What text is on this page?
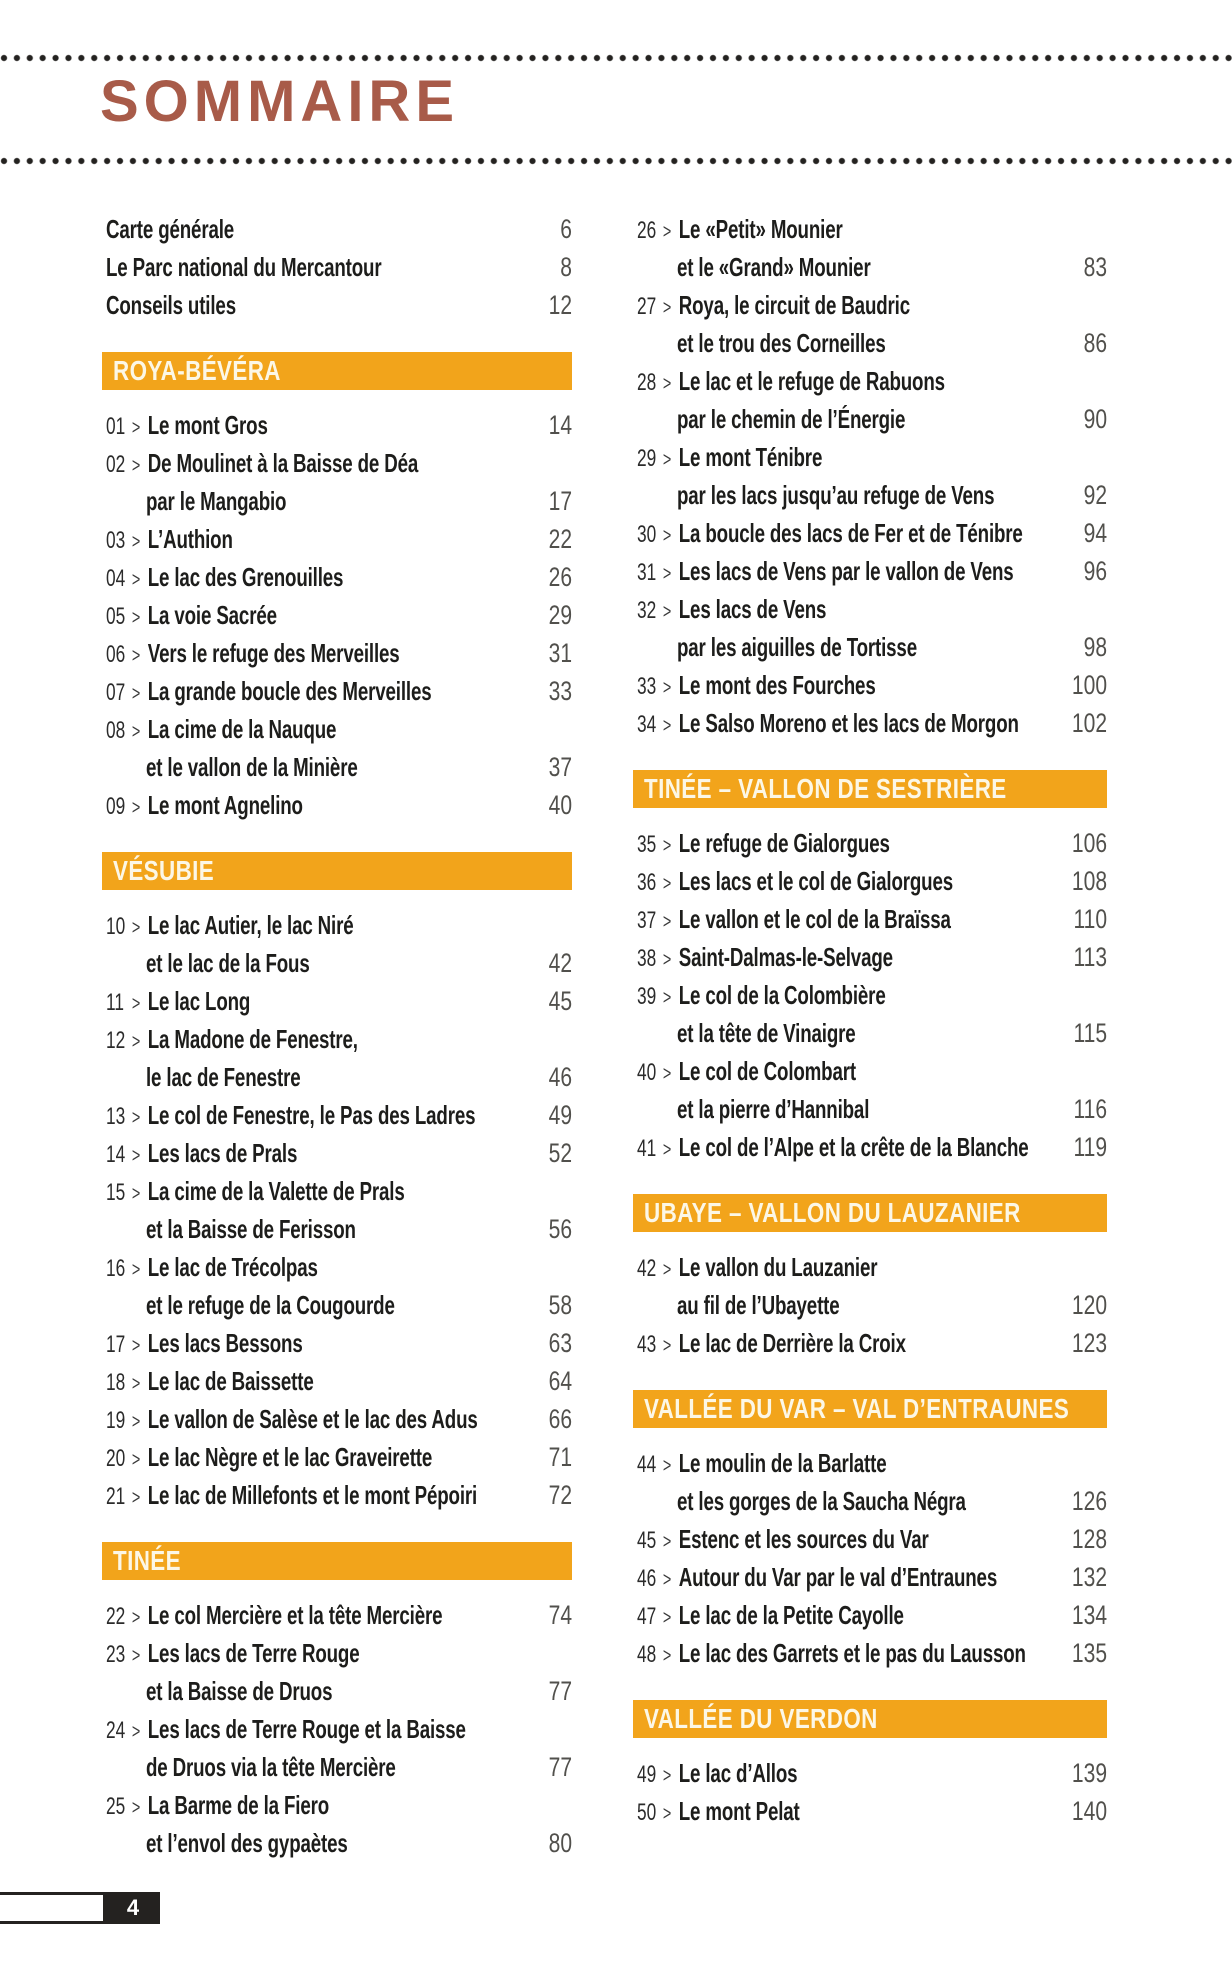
SOMMAIRE
Carte générale	6
Le Parc national du Mercantour	8
Conseils utiles	12
ROYA-BÉVÉRA
01 > Le mont Gros	14
02 > De Moulinet à la Baisse de Déa
par le Mangabio	17
03 > L’Authion	22
04 > Le lac des Grenouilles	26
05 > La voie Sacrée	29
06 > Vers le refuge des Merveilles	31
07 > La grande boucle des Merveilles	33
08 > La cime de la Nauque
et le vallon de la Minière	37
09 > Le mont Agnelino	40
VÉSUBIE
10 > Le lac Autier, le lac Niré
et le lac de la Fous	42
11 > Le lac Long	45
12 > La Madone de Fenestre,
le lac de Fenestre	46
13 > Le col de Fenestre, le Pas des Ladres	49
14 > Les lacs de Prals	52
15 > La cime de la Valette de Prals
et la Baisse de Ferisson	56
16 > Le lac de Trécolpas
et le refuge de la Cougourde	58
17 > Les lacs Bessons	63
18 > Le lac de Baissette	64
19 > Le vallon de Salèse et le lac des Adus	66
20 > Le lac Nègre et le lac Graveirette	71
21 > Le lac de Millefonts et le mont Pépoiri	72
TINÉE
22 > Le col Mercière et la tête Mercière	74
23 > Les lacs de Terre Rouge
et la Baisse de Druos	77
24 > Les lacs de Terre Rouge et la Baisse
de Druos via la tête Mercière	77
25 > La Barme de la Fiero
et l’envol des gypaètes	80
26 > Le «Petit» Mounier
et le «Grand» Mounier	83
27 > Roya, le circuit de Baudric
et le trou des Corneilles	86
28 > Le lac et le refuge de Rabuons
par le chemin de l’Énergie	90
29 > Le mont Ténibre
par les lacs jusqu’au refuge de Vens	92
30 > La boucle des lacs de Fer et de Ténibre 94
31 > Les lacs de Vens par le vallon de Vens	96
32 > Les lacs de Vens
par les aiguilles de Tortisse	98
33 > Le mont des Fourches	100
34 > Le Salso Moreno et les lacs de Morgon 102
TINÉE – VALLON DE SESTRIÈRE
35 > Le refuge de Gialorgues	106
36 > Les lacs et le col de Gialorgues	108
37 > Le vallon et le col de la Braïssa	110
38 > Saint-Dalmas-le-Selvage	113
39 > Le col de la Colombière
et la tête de Vinaigre	115
40 > Le col de Colombart
et la pierre d’Hannibal	116
41 > Le col de l’Alpe et la crête de la Blanche 119
UBAYE – VALLON DU LAUZANIER
42 > Le vallon du Lauzanier
au fil de l’Ubayette	120
43 > Le lac de Derrière la Croix	123
VALLÉE DU VAR – VAL D’ENTRAUNES
44 > Le moulin de la Barlatte
et les gorges de la Saucha Négra	126
45 > Estenc et les sources du Var	128
46 > Autour du Var par le val d’Entraunes	132
47 > Le lac de la Petite Cayolle	134
48 > Le lac des Garrets et le pas du Lausson 135
VALLÉE DU VERDON
49 > Le lac d’Allos	139
50 > Le mont Pelat	140
4
